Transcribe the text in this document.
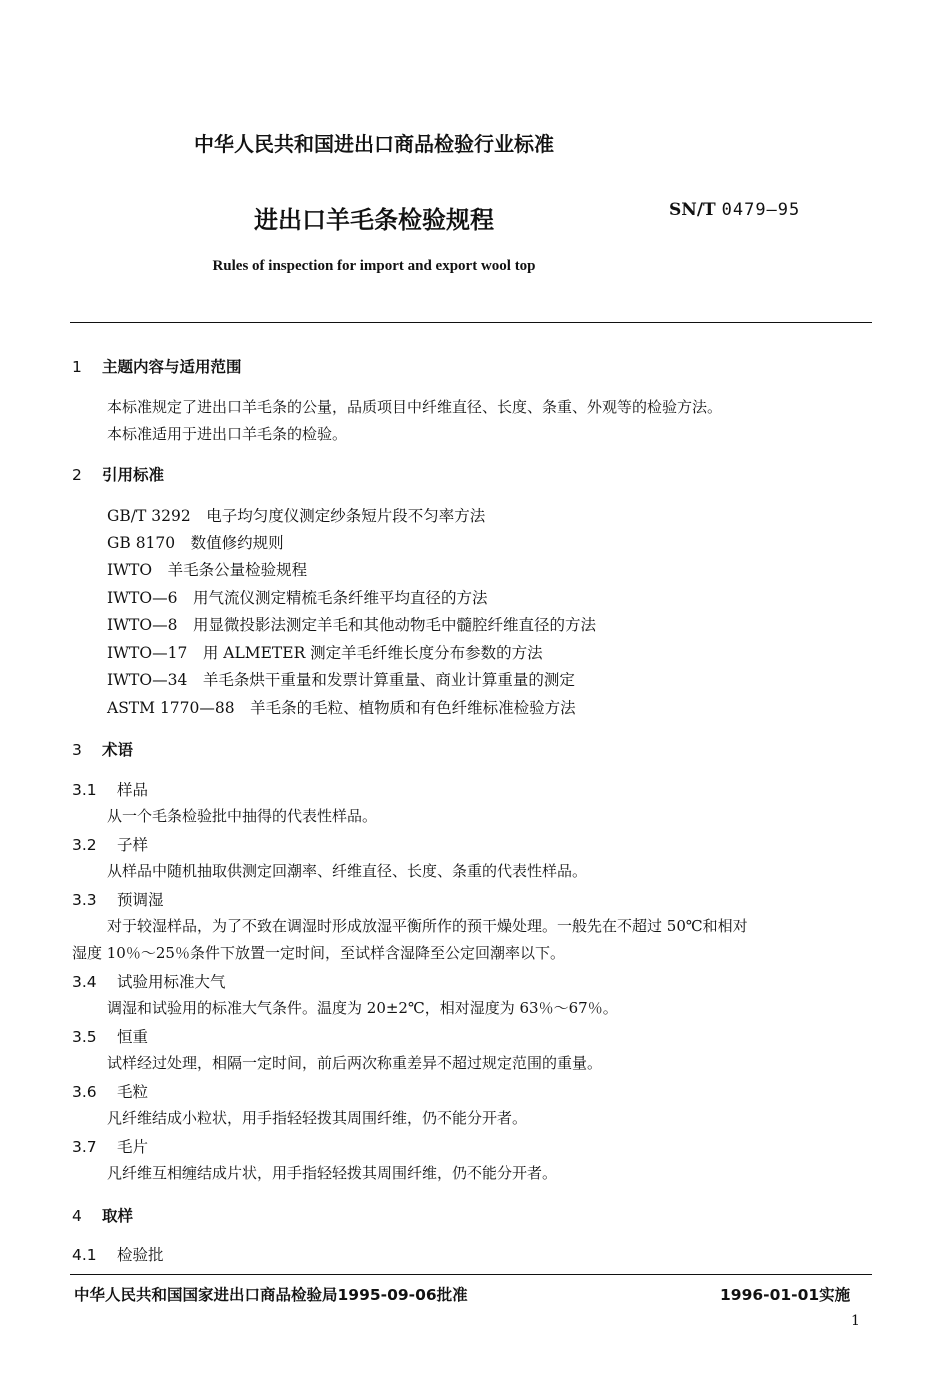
中华人民共和国进出口商品检验行业标准
进出口羊毛条检验规程	SN/T 0479—95
Rules of inspection for import and export wool top
1 主题内容与适用范围
本标准规定了进出口羊毛条的公量，品质项目中纤维直径、长度、条重、外观等的检验方法。
本标准适用于进出口羊毛条的检验。
2 引用标准
GB/T 3292　电子均匀度仪测定纱条短片段不匀率方法
GB 8170　数值修约规则
IWTO　羊毛条公量检验规程
IWTO—6　用气流仪测定精梳毛条纤维平均直径的方法
IWTO—8　用显微投影法测定羊毛和其他动物毛中髓腔纤维直径的方法
IWTO—17　用 ALMETER 测定羊毛纤维长度分布参数的方法
IWTO—34　羊毛条烘干重量和发票计算重量、商业计算重量的测定
ASTM 1770—88　羊毛条的毛粒、植物质和有色纤维标准检验方法
3 术语
3.1 样品
从一个毛条检验批中抽得的代表性样品。
3.2 子样
从样品中随机抽取供测定回潮率、纤维直径、长度、条重的代表性样品。
3.3 预调湿
对于较湿样品，为了不致在调湿时形成放湿平衡所作的预干燥处理。一般先在不超过 50℃和相对
湿度 10％～25％条件下放置一定时间，至试样含湿降至公定回潮率以下。
3.4 试验用标准大气
调湿和试验用的标准大气条件。温度为 20±2℃，相对湿度为 63％～67％。
3.5 恒重
试样经过处理，相隔一定时间，前后两次称重差异不超过规定范围的重量。
3.6 毛粒
凡纤维结成小粒状，用手指轻轻拨其周围纤维，仍不能分开者。
3.7 毛片
凡纤维互相缠结成片状，用手指轻轻拨其周围纤维，仍不能分开者。
4 取样
4.1 检验批
中华人民共和国国家进出口商品检验局1995-09-06批准	1996-01-01实施
1
